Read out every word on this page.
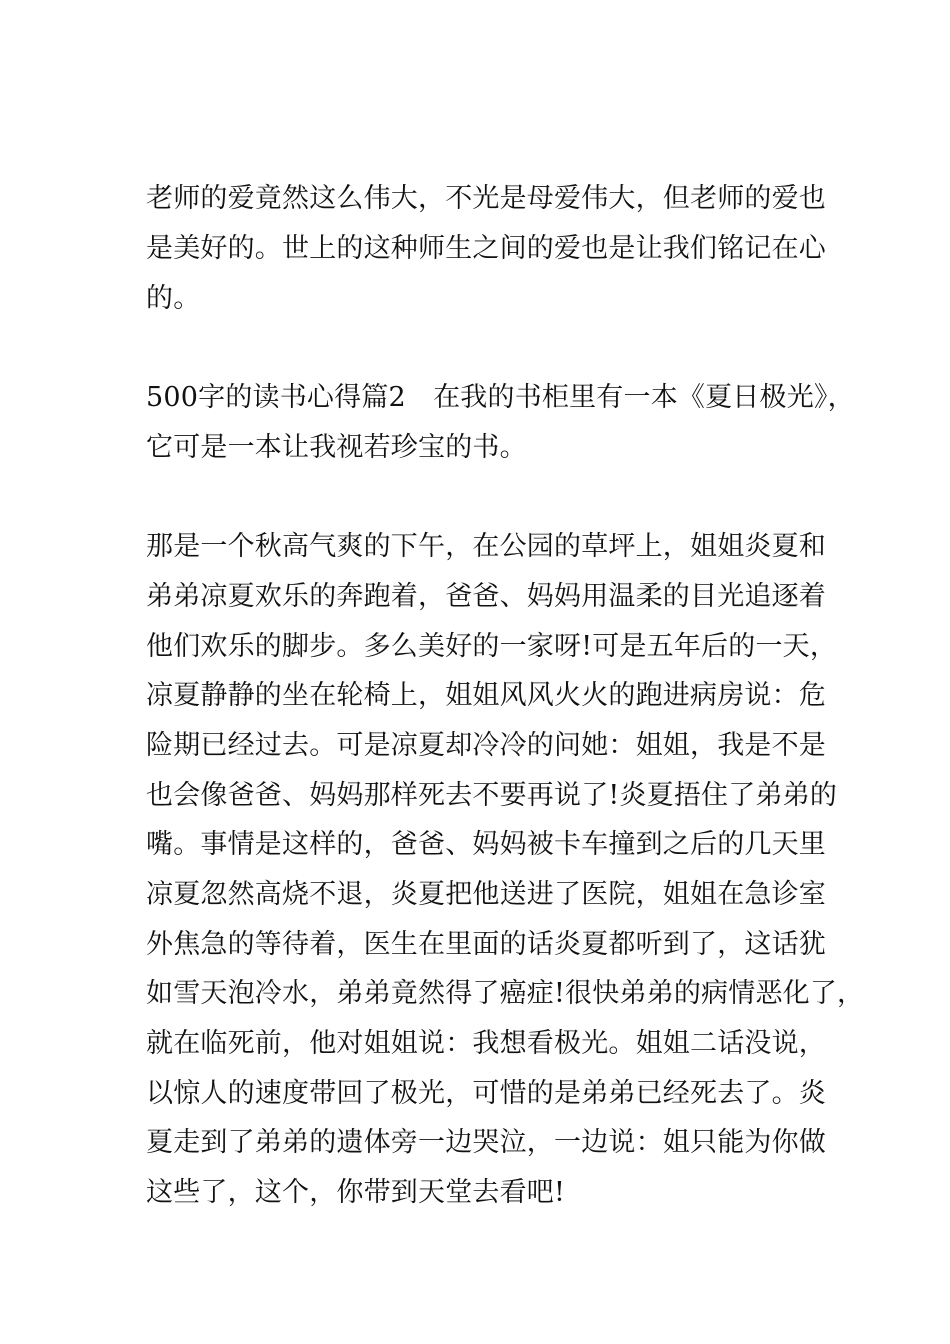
老师的爱竟然这么伟大，不光是母爱伟大，但老师的爱也
是美好的。世上的这种师生之间的爱也是让我们铭记在心
的。
500字的读书心得篇2　在我的书柜里有一本《夏日极光》，
它可是一本让我视若珍宝的书。
那是一个秋高气爽的下午，在公园的草坪上，姐姐炎夏和
弟弟凉夏欢乐的奔跑着，爸爸、妈妈用温柔的目光追逐着
他们欢乐的脚步。多么美好的一家呀!可是五年后的一天，
凉夏静静的坐在轮椅上，姐姐风风火火的跑进病房说：危
险期已经过去。可是凉夏却冷冷的问她：姐姐，我是不是
也会像爸爸、妈妈那样死去不要再说了!炎夏捂住了弟弟的
嘴。事情是这样的，爸爸、妈妈被卡车撞到之后的几天里
凉夏忽然高烧不退，炎夏把他送进了医院，姐姐在急诊室
外焦急的等待着，医生在里面的话炎夏都听到了，这话犹
如雪天泡冷水，弟弟竟然得了癌症!很快弟弟的病情恶化了，
就在临死前，他对姐姐说：我想看极光。姐姐二话没说，
以惊人的速度带回了极光，可惜的是弟弟已经死去了。炎
夏走到了弟弟的遗体旁一边哭泣，一边说：姐只能为你做
这些了，这个，你带到天堂去看吧!
